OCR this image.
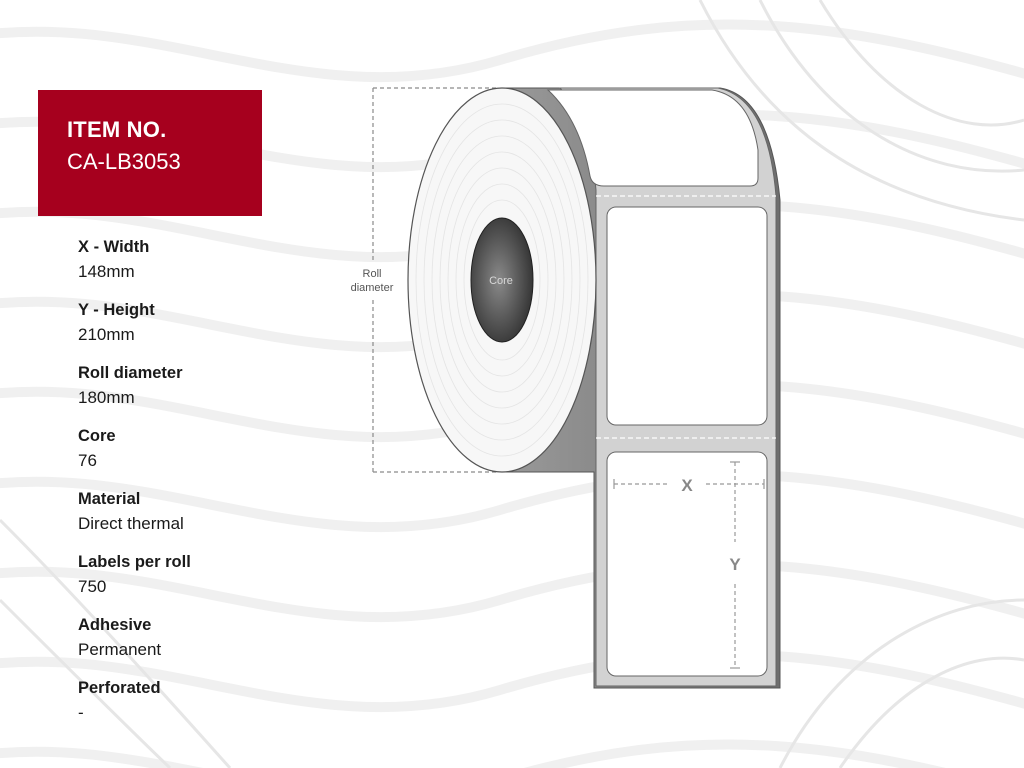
ITEM NO.
CA-LB3053
X - Width
148mm
Y - Height
210mm
Roll diameter
180mm
Core
76
Material
Direct thermal
Labels per roll
750
Adhesive
Permanent
Perforated
-
Roll
diameter
X
Y
Core
